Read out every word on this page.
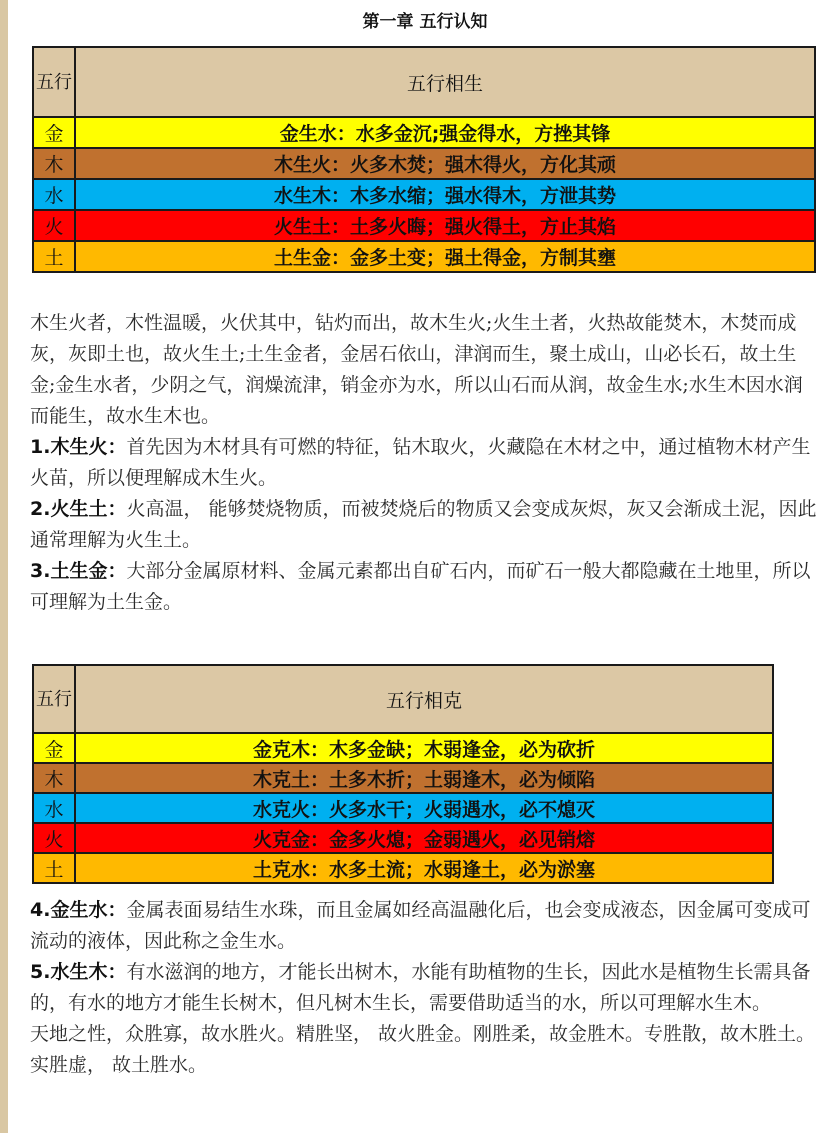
第一章 五行认知
五行	五行相生
金	金生水：水多金沉;强金得水，方挫其锋
木	木生火：火多木焚；强木得火，方化其顽
水	水生木：木多水缩；强水得木，方泄其势
火	火生土：土多火晦；强火得土，方止其焰
土	土生金：金多土变；强土得金，方制其壅

木生火者，木性温暖，火伏其中，钻灼而出，故木生火;火生土者，火热故能焚木，木焚而成灰，灰即土也，故火生土;土生金者，金居石依山，津润而生，聚土成山，山必长石，故土生金;金生水者，少阴之气，润燥流津，销金亦为水，所以山石而从润，故金生水;水生木因水润而能生，故水生木也。

1.木生火：首先因为木材具有可燃的特征，钻木取火，火藏隐在木材之中，通过植物木材产生火苗，所以便理解成木生火。

2.火生土：火高温， 能够焚烧物质，而被焚烧后的物质又会变成灰烬，灰又会渐成土泥，因此通常理解为火生土。

3.土生金：大部分金属原材料、金属元素都出自矿石内，而矿石一般大都隐藏在土地里，所以可理解为土生金。

五行	五行相克
金	金克木：木多金缺；木弱逢金，必为砍折
木	木克土：土多木折；土弱逢木，必为倾陷
水	水克火：火多水干；火弱遇水，必不熄灭
火	火克金：金多火熄；金弱遇火，必见销熔
土	土克水：水多土流；水弱逢土，必为淤塞

4.金生水：金属表面易结生水珠，而且金属如经高温融化后，也会变成液态，因金属可变成可流动的液体，因此称之金生水。

5.水生木：有水滋润的地方，才能长出树木，水能有助植物的生长，因此水是植物生长需具备的，有水的地方才能生长树木，但凡树木生长，需要借助适当的水，所以可理解水生木。

天地之性，众胜寡，故水胜火。精胜坚， 故火胜金。刚胜柔，故金胜木。专胜散，故木胜土。实胜虚， 故土胜水。
